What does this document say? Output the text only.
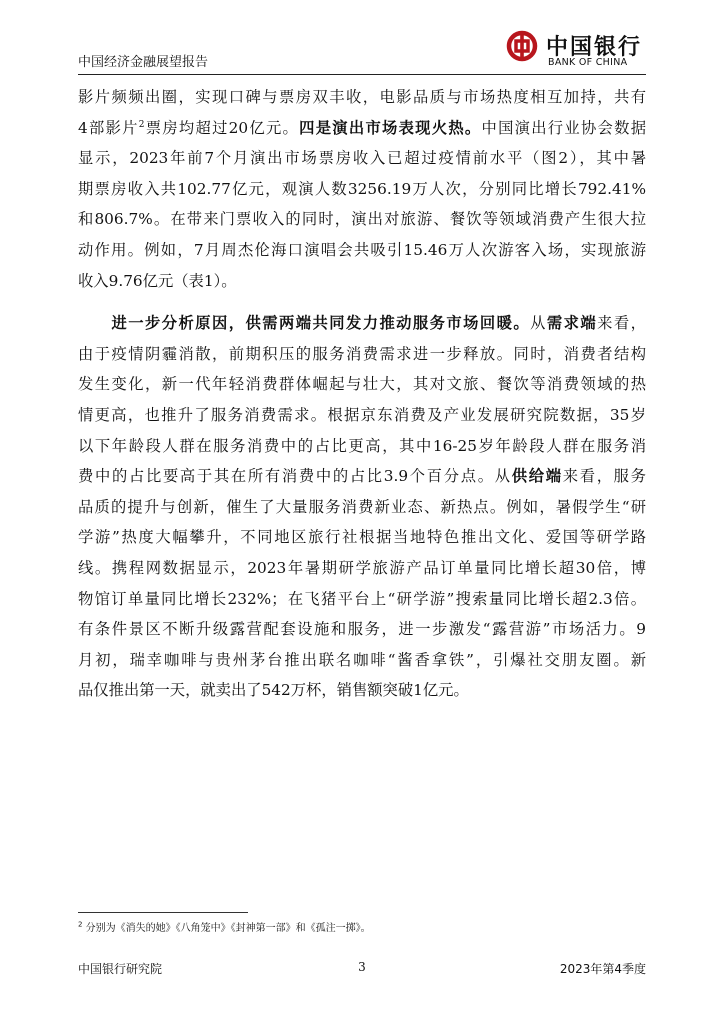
中国经济金融展望报告
中国银行
BANK OF CHINA
影片频频出圈，实现口碑与票房双丰收，电影品质与市场热度相互加持，共有
4部影片$^2$票房均超过20亿元。四是演出市场表现火热。中国演出行业协会数据
显示，2023年前7个月演出市场票房收入已超过疫情前水平（图2），其中暑
期票房收入共102.77亿元，观演人数3256.19万人次，分别同比增长792.41%
和806.7%。在带来门票收入的同时，演出对旅游、餐饮等领域消费产生很大拉
动作用。例如，7月周杰伦海口演唱会共吸引15.46万人次游客入场，实现旅游
收入9.76亿元（表1）。
　　进一步分析原因，供需两端共同发力推动服务市场回暖。从需求端来看，
由于疫情阴霾消散，前期积压的服务消费需求进一步释放。同时，消费者结构
发生变化，新一代年轻消费群体崛起与壮大，其对文旅、餐饮等消费领域的热
情更高，也推升了服务消费需求。根据京东消费及产业发展研究院数据，35岁
以下年龄段人群在服务消费中的占比更高，其中16-25岁年龄段人群在服务消
费中的占比要高于其在所有消费中的占比3.9个百分点。从供给端来看，服务
品质的提升与创新，催生了大量服务消费新业态、新热点。例如，暑假学生“研
学游”热度大幅攀升，不同地区旅行社根据当地特色推出文化、爱国等研学路
线。携程网数据显示，2023年暑期研学旅游产品订单量同比增长超30倍，博
物馆订单量同比增长232%；在飞猪平台上“研学游”搜索量同比增长超2.3倍。
有条件景区不断升级露营配套设施和服务，进一步激发“露营游”市场活力。9
月初，瑞幸咖啡与贵州茅台推出联名咖啡“酱香拿铁”，引爆社交朋友圈。新
品仅推出第一天，就卖出了542万杯，销售额突破1亿元。
$^2$ 分别为《消失的她》《八角笼中》《封神第一部》和《孤注一掷》。
中国银行研究院	3	2023年第4季度
